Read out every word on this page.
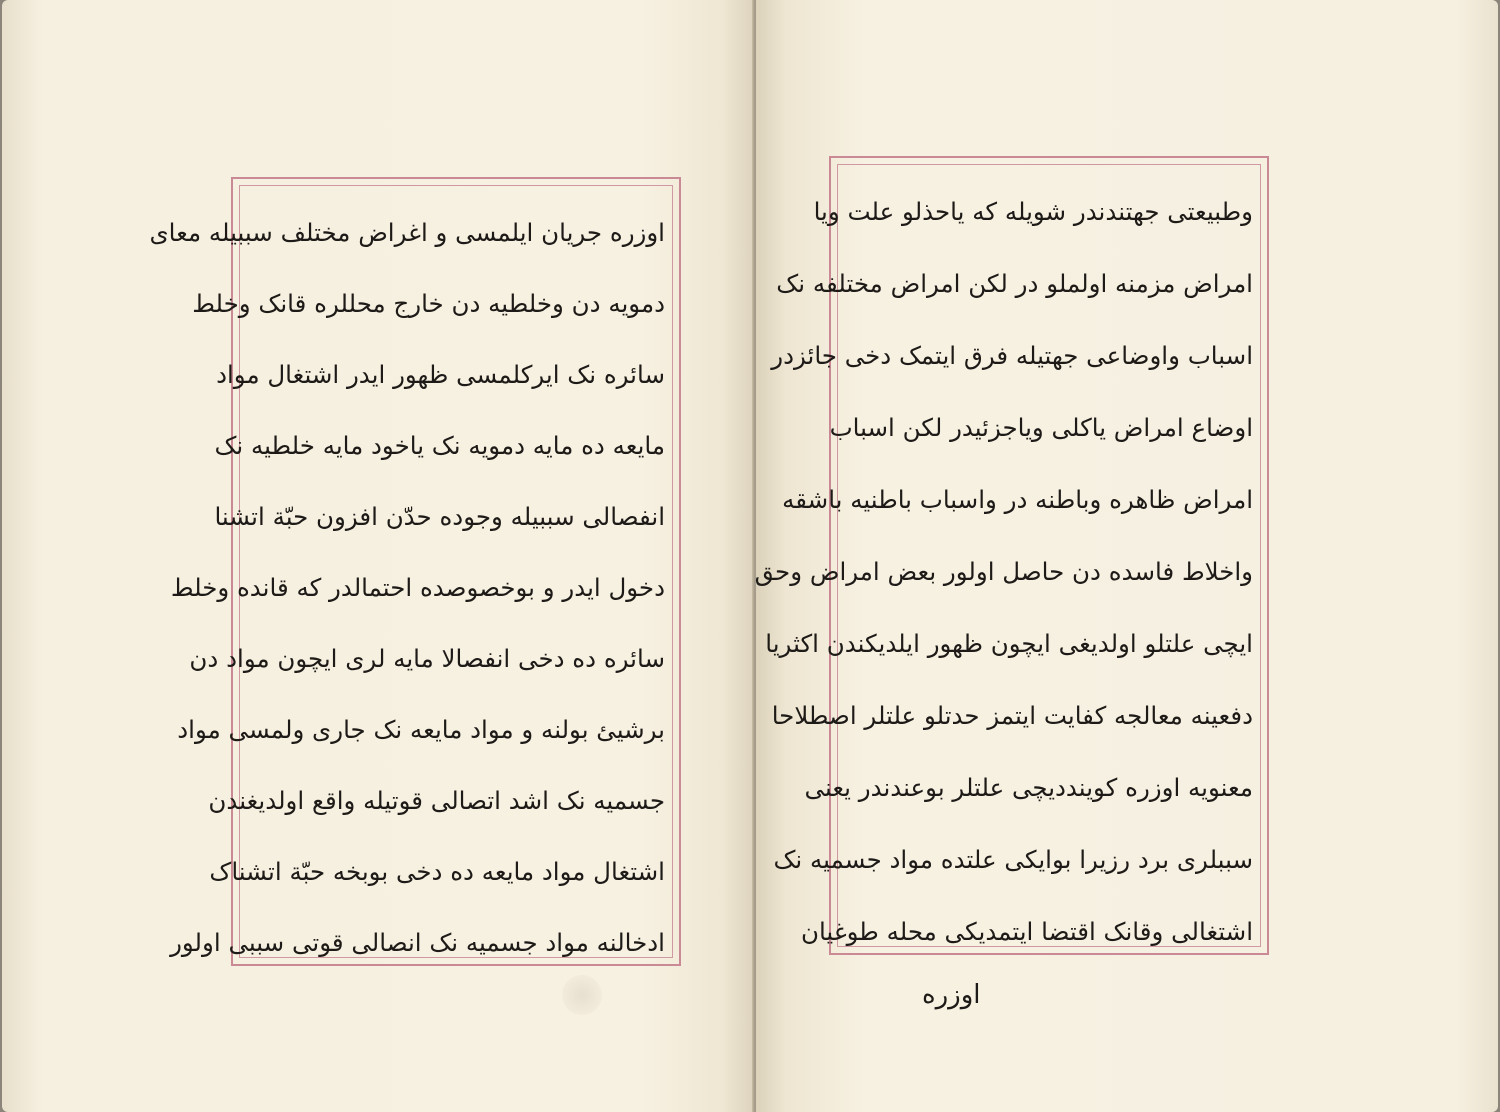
اوزره جریان ایلمسی و اغراض مختلف سببیله معای
دمویه دن وخلطیه دن خارج محللره قانک وخلط
سائره نک ایرکلمسی ظهور ایدر اشتغال مواد
مایعه ده مایه دمویه نک یاخود مایه خلطیه نک
انفصالی سببیله وجوده حدّن افزون حبّة اتشنا
دخول ایدر و بوخصوصده احتمالدر که قانده وخلط
سائره ده دخی انفصالا مایه لری ایچون مواد دن
برشیئ بولنه و مواد مایعه نک جاری ولمسی مواد
جسمیه نک اشد اتصالی قوتیله واقع اولدیغندن
اشتغال مواد مایعه ده دخی بوبخه حبّة اتشناک
ادخالنه مواد جسمیه نک انصالی قوتی سببی اولور
وطبیعتی جهتندندر شویله که یاحذلو علت ویا
امراض مزمنه اولملو در لکن امراض مختلفه نک
اسباب واوضاعی جهتیله فرق ایتمک دخی جائزدر
اوضاع امراض یاکلی ویاجزئیدر لکن اسباب
امراض ظاهره وباطنه در واسباب باطنیه باشقه
واخلاط فاسده دن حاصل اولور بعض امراض وحق
ایچی علتلو اولدیغی ایچون ظهور ایلدیکندن اکثریا
دفعینه معالجه کفایت ایتمز حدتلو علتلر اصطلاحا
معنویه اوزره کوینددیچی علتلر بوعندندر یعنی
سببلری برد رزیرا بوایکی علتده مواد جسمیه نک
اشتغالی وقانک اقتضا ایتمدیکی محله طوغیان
اوزره
